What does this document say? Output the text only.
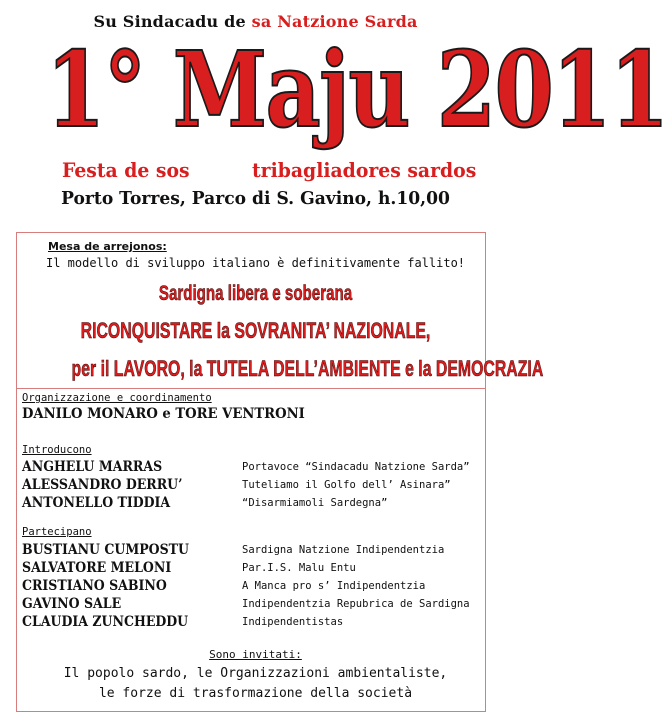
Su Sindacadu de sa Natzione Sarda
1° Maju 2011
Festa de sos	tribagliadores sardos
Porto Torres, Parco di S. Gavino, h.10,00
Mesa de arrejonos:
Il modello di sviluppo italiano è definitivamente fallito!
Sardigna libera e soberana
RICONQUISTARE la SOVRANITA’ NAZIONALE,
per il LAVORO, la TUTELA DELL’AMBIENTE e la DEMOCRAZIA
Organizzazione e coordinamento
DANILO MONARO e TORE VENTRONI
Introducono
ANGHELU MARRAS	Portavoce “Sindacadu Natzione Sarda”
ALESSANDRO DERRU’	Tuteliamo il Golfo dell’ Asinara”
ANTONELLO TIDDIA	“Disarmiamoli Sardegna”
Partecipano
BUSTIANU CUMPOSTU	Sardigna Natzione Indipendentzia
SALVATORE MELONI	Par.I.S. Malu Entu
CRISTIANO SABINO	A Manca pro s’ Indipendentzia
GAVINO SALE	Indipendentzia Repubrica de Sardigna
CLAUDIA ZUNCHEDDU	Indipendentistas
Sono invitati:
Il popolo sardo, le Organizzazioni ambientaliste,
le forze di trasformazione della società
